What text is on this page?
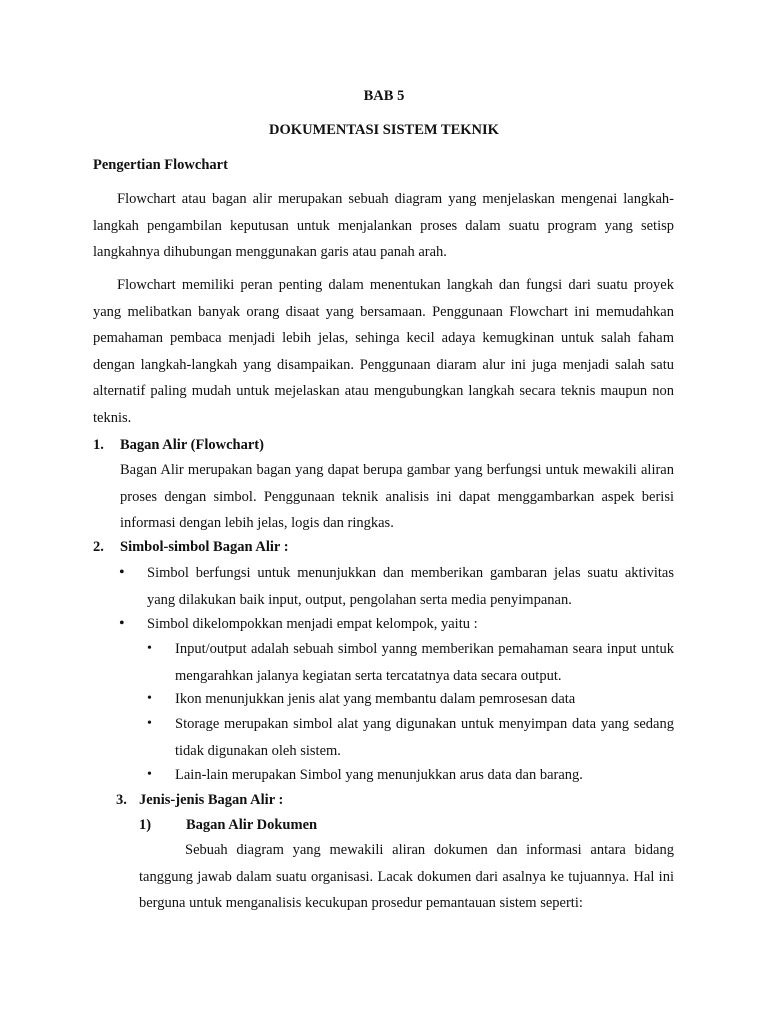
BAB 5
DOKUMENTASI SISTEM TEKNIK
Pengertian Flowchart
Flowchart atau bagan alir merupakan sebuah diagram yang menjelaskan mengenai langkah-langkah pengambilan keputusan untuk menjalankan proses dalam suatu program yang setisp langkahnya dihubungan menggunakan garis atau panah arah.
Flowchart memiliki peran penting dalam menentukan langkah dan fungsi dari suatu proyek yang melibatkan banyak orang disaat yang bersamaan. Penggunaan Flowchart ini memudahkan pemahaman pembaca menjadi lebih jelas, sehinga kecil adaya kemugkinan untuk salah faham dengan langkah-langkah yang disampaikan. Penggunaan diaram alur ini juga menjadi salah satu alternatif paling mudah untuk mejelaskan atau mengubungkan langkah secara teknis maupun non teknis.
1. Bagan Alir (Flowchart)
Bagan Alir merupakan bagan yang dapat berupa gambar yang berfungsi untuk mewakili aliran proses dengan simbol. Penggunaan teknik analisis ini dapat menggambarkan aspek berisi informasi dengan lebih jelas, logis dan ringkas.
2. Simbol-simbol Bagan Alir :
• Simbol berfungsi untuk menunjukkan dan memberikan gambaran jelas suatu aktivitas yang dilakukan baik input, output, pengolahan serta media penyimpanan.
• Simbol dikelompokkan menjadi empat kelompok, yaitu :
• Input/output adalah sebuah simbol yanng memberikan pemahaman seara input untuk mengarahkan jalanya kegiatan serta tercatatnya data secara output.
• Ikon menunjukkan jenis alat yang membantu dalam pemrosesan data
• Storage merupakan simbol alat yang digunakan untuk menyimpan data yang sedang tidak digunakan oleh sistem.
• Lain-lain merupakan Simbol yang menunjukkan arus data dan barang.
3. Jenis-jenis Bagan Alir :
1) Bagan Alir Dokumen
Sebuah diagram yang mewakili aliran dokumen dan informasi antara bidang tanggung jawab dalam suatu organisasi. Lacak dokumen dari asalnya ke tujuannya. Hal ini berguna untuk menganalisis kecukupan prosedur pemantauan sistem seperti:
